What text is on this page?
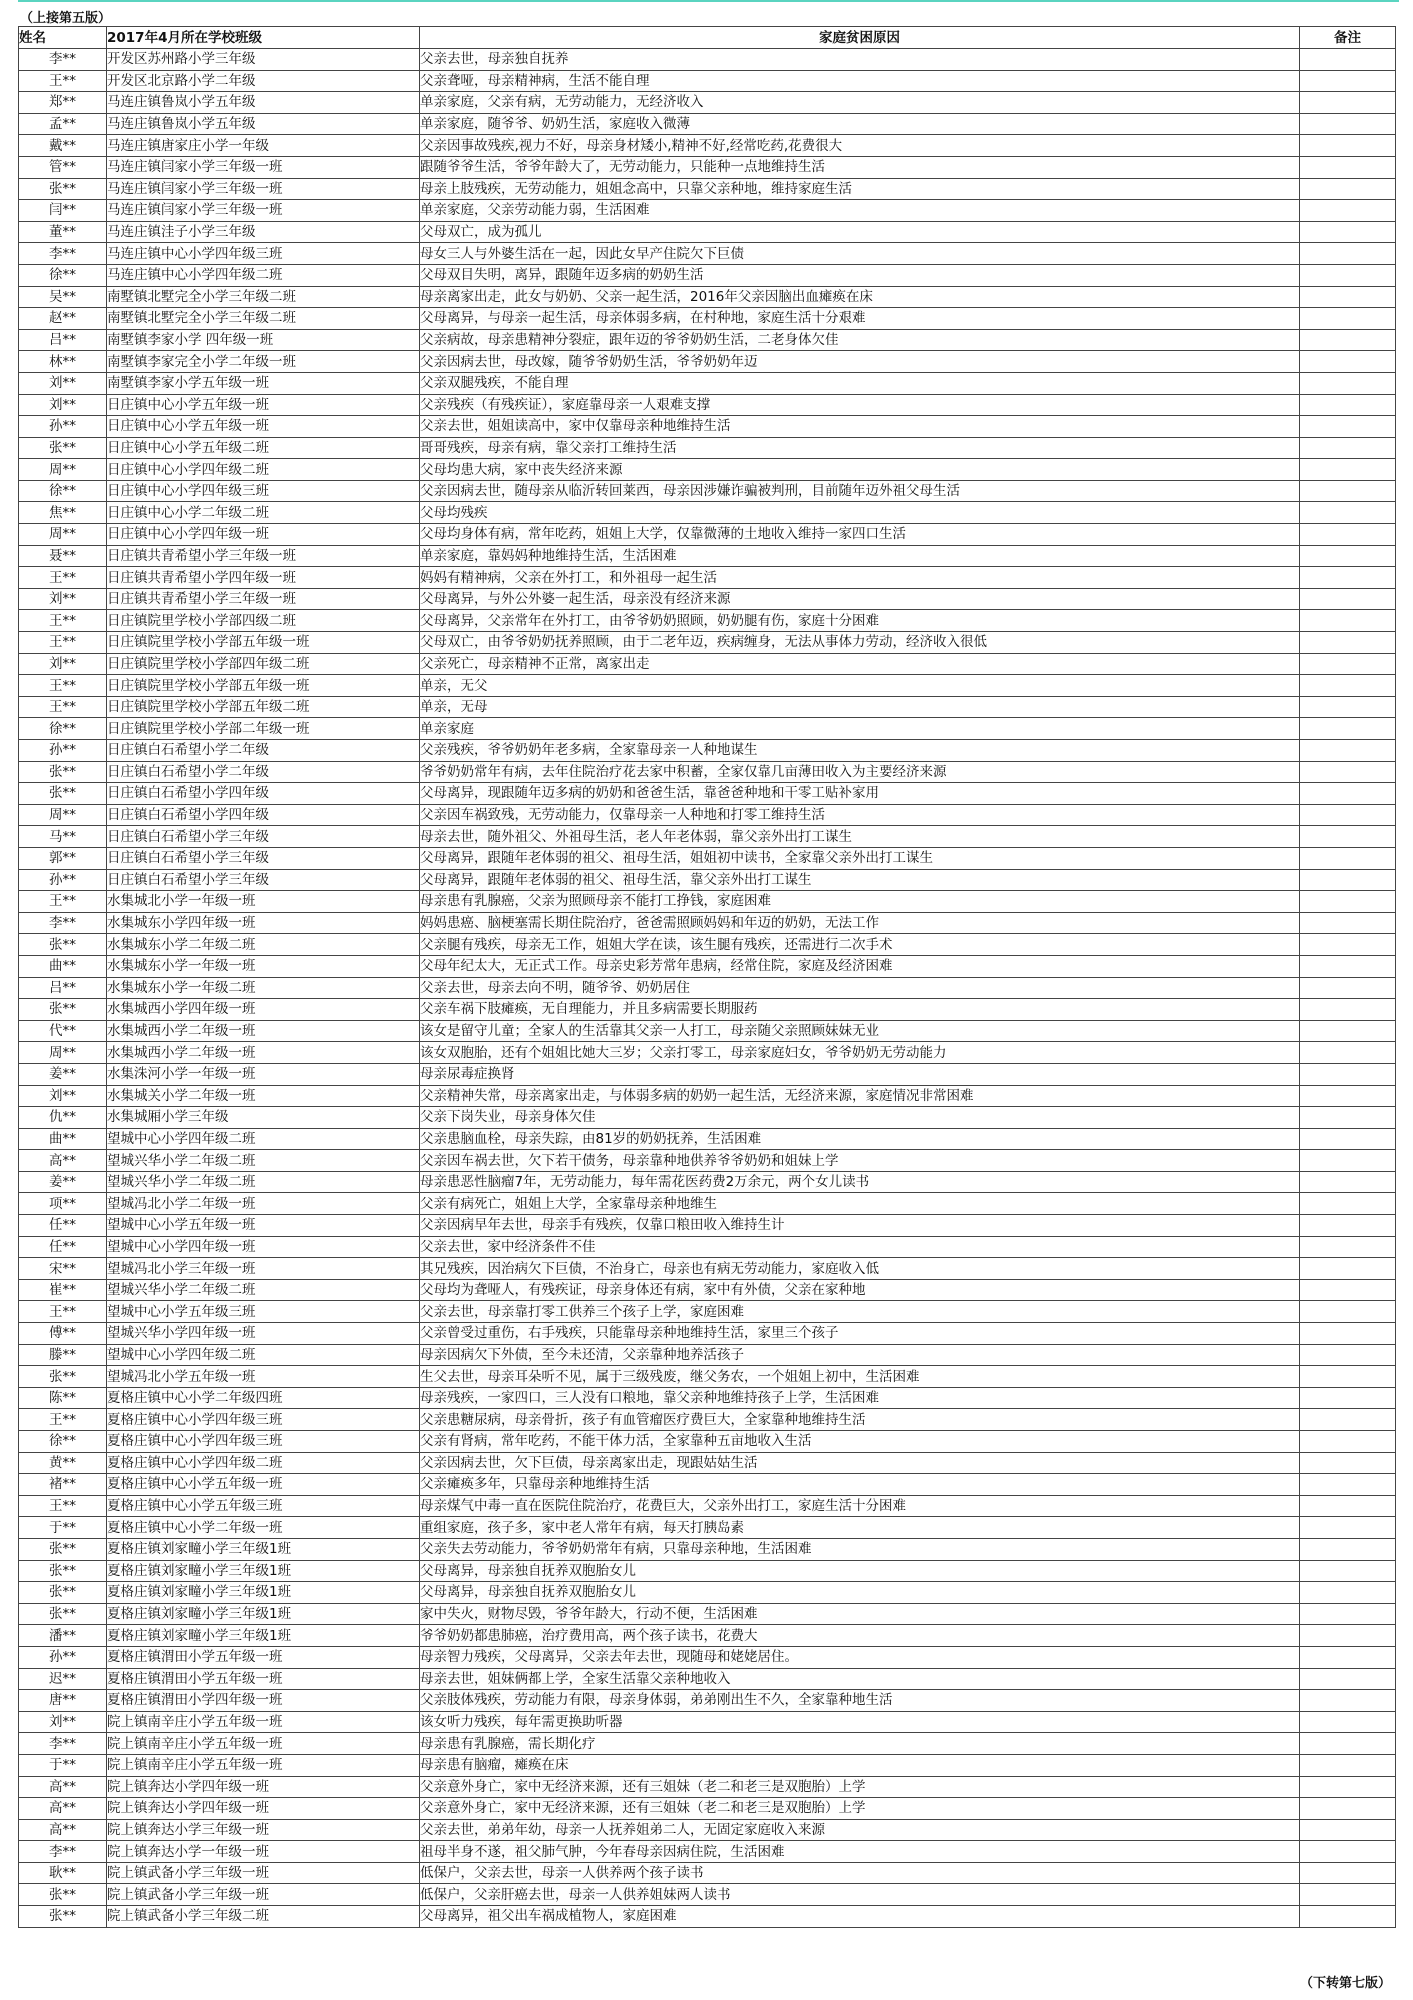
（上接第五版）
姓名	2017年4月所在学校班级	家庭贫困原因	备注
李**	开发区苏州路小学三年级	父亲去世，母亲独自抚养	
王**	开发区北京路小学二年级	父亲聋哑，母亲精神病，生活不能自理	
郑**	马连庄镇鲁岚小学五年级	单亲家庭，父亲有病，无劳动能力，无经济收入	
孟**	马连庄镇鲁岚小学五年级	单亲家庭，随爷爷、奶奶生活，家庭收入微薄	
戴**	马连庄镇唐家庄小学一年级	父亲因事故残疾,视力不好，母亲身材矮小,精神不好,经常吃药,花费很大	
管**	马连庄镇闫家小学三年级一班	跟随爷爷生活，爷爷年龄大了，无劳动能力，只能种一点地维持生活	
张**	马连庄镇闫家小学三年级一班	母亲上肢残疾，无劳动能力，姐姐念高中，只靠父亲种地，维持家庭生活	
闫**	马连庄镇闫家小学三年级一班	单亲家庭，父亲劳动能力弱，生活困难	
董**	马连庄镇洼子小学三年级	父母双亡，成为孤儿	
李**	马连庄镇中心小学四年级三班	母女三人与外婆生活在一起，因此女早产住院欠下巨债	
徐**	马连庄镇中心小学四年级二班	父母双目失明，离异，跟随年迈多病的奶奶生活	
吴**	南墅镇北墅完全小学三年级二班	母亲离家出走，此女与奶奶、父亲一起生活，2016年父亲因脑出血瘫痪在床	
赵**	南墅镇北墅完全小学三年级二班	父母离异，与母亲一起生活，母亲体弱多病，在村种地，家庭生活十分艰难	
吕**	南墅镇李家小学 四年级一班	父亲病故，母亲患精神分裂症，跟年迈的爷爷奶奶生活，二老身体欠佳	
林**	南墅镇李家完全小学二年级一班	父亲因病去世，母改嫁，随爷爷奶奶生活，爷爷奶奶年迈	
刘**	南墅镇李家小学五年级一班	父亲双腿残疾，不能自理	
刘**	日庄镇中心小学五年级一班	父亲残疾（有残疾证），家庭靠母亲一人艰难支撑	
孙**	日庄镇中心小学五年级一班	父亲去世，姐姐读高中，家中仅靠母亲种地维持生活	
张**	日庄镇中心小学五年级二班	哥哥残疾，母亲有病，靠父亲打工维持生活	
周**	日庄镇中心小学四年级二班	父母均患大病，家中丧失经济来源	
徐**	日庄镇中心小学四年级三班	父亲因病去世，随母亲从临沂转回莱西，母亲因涉嫌诈骗被判刑，目前随年迈外祖父母生活	
焦**	日庄镇中心小学二年级二班	父母均残疾	
周**	日庄镇中心小学四年级一班	父母均身体有病，常年吃药，姐姐上大学，仅靠微薄的土地收入维持一家四口生活	
聂**	日庄镇共青希望小学三年级一班	单亲家庭，靠妈妈种地维持生活，生活困难	
王**	日庄镇共青希望小学四年级一班	妈妈有精神病，父亲在外打工，和外祖母一起生活	
刘**	日庄镇共青希望小学三年级一班	父母离异，与外公外婆一起生活，母亲没有经济来源	
王**	日庄镇院里学校小学部四级二班	父母离异，父亲常年在外打工，由爷爷奶奶照顾，奶奶腿有伤，家庭十分困难	
王**	日庄镇院里学校小学部五年级一班	父母双亡，由爷爷奶奶抚养照顾，由于二老年迈，疾病缠身，无法从事体力劳动，经济收入很低	
刘**	日庄镇院里学校小学部四年级二班	父亲死亡，母亲精神不正常，离家出走	
王**	日庄镇院里学校小学部五年级一班	单亲，无父	
王**	日庄镇院里学校小学部五年级二班	单亲，无母	
徐**	日庄镇院里学校小学部二年级一班	单亲家庭	
孙**	日庄镇白石希望小学二年级	父亲残疾，爷爷奶奶年老多病，全家靠母亲一人种地谋生	
张**	日庄镇白石希望小学二年级	爷爷奶奶常年有病，去年住院治疗花去家中积蓄，全家仅靠几亩薄田收入为主要经济来源	
张**	日庄镇白石希望小学四年级	父母离异，现跟随年迈多病的奶奶和爸爸生活，靠爸爸种地和干零工贴补家用	
周**	日庄镇白石希望小学四年级	父亲因车祸致残，无劳动能力，仅靠母亲一人种地和打零工维持生活	
马**	日庄镇白石希望小学三年级	母亲去世，随外祖父、外祖母生活，老人年老体弱，靠父亲外出打工谋生	
郭**	日庄镇白石希望小学三年级	父母离异，跟随年老体弱的祖父、祖母生活，姐姐初中读书，全家靠父亲外出打工谋生	
孙**	日庄镇白石希望小学三年级	父母离异，跟随年老体弱的祖父、祖母生活，靠父亲外出打工谋生	
王**	水集城北小学一年级一班	母亲患有乳腺癌，父亲为照顾母亲不能打工挣钱，家庭困难	
李**	水集城东小学四年级一班	妈妈患癌、脑梗塞需长期住院治疗，爸爸需照顾妈妈和年迈的奶奶，无法工作	
张**	水集城东小学二年级二班	父亲腿有残疾，母亲无工作，姐姐大学在读，该生腿有残疾，还需进行二次手术	
曲**	水集城东小学一年级一班	父母年纪太大，无正式工作。母亲史彩芳常年患病，经常住院，家庭及经济困难	
吕**	水集城东小学一年级二班	父亲去世，母亲去向不明，随爷爷、奶奶居住	
张**	水集城西小学四年级一班	父亲车祸下肢瘫痪，无自理能力，并且多病需要长期服药	
代**	水集城西小学二年级一班	该女是留守儿童；全家人的生活靠其父亲一人打工，母亲随父亲照顾妹妹无业	
周**	水集城西小学二年级一班	该女双胞胎，还有个姐姐比她大三岁；父亲打零工，母亲家庭妇女，爷爷奶奶无劳动能力	
姜**	水集洙河小学一年级一班	母亲尿毒症换肾	
刘**	水集城关小学二年级一班	父亲精神失常，母亲离家出走，与体弱多病的奶奶一起生活，无经济来源，家庭情况非常困难	
仇**	水集城厢小学三年级	父亲下岗失业，母亲身体欠佳	
曲**	望城中心小学四年级二班	父亲患脑血栓，母亲失踪，由81岁的奶奶抚养，生活困难	
高**	望城兴华小学二年级二班	父亲因车祸去世，欠下若干债务，母亲靠种地供养爷爷奶奶和姐妹上学	
姜**	望城兴华小学二年级二班	母亲患恶性脑瘤7年，无劳动能力，每年需花医药费2万余元，两个女儿读书	
项**	望城冯北小学二年级一班	父亲有病死亡，姐姐上大学，全家靠母亲种地维生	
任**	望城中心小学五年级一班	父亲因病早年去世，母亲手有残疾，仅靠口粮田收入维持生计	
任**	望城中心小学四年级一班	父亲去世，家中经济条件不佳	
宋**	望城冯北小学三年级一班	其兄残疾，因治病欠下巨债，不治身亡，母亲也有病无劳动能力，家庭收入低	
崔**	望城兴华小学二年级二班	父母均为聋哑人，有残疾证，母亲身体还有病，家中有外债，父亲在家种地	
王**	望城中心小学五年级三班	父亲去世，母亲靠打零工供养三个孩子上学，家庭困难	
傅**	望城兴华小学四年级一班	父亲曾受过重伤，右手残疾，只能靠母亲种地维持生活，家里三个孩子	
滕**	望城中心小学四年级二班	母亲因病欠下外债，至今未还清，父亲靠种地养活孩子	
张**	望城冯北小学五年级一班	生父去世，母亲耳朵听不见，属于三级残废，继父务农，一个姐姐上初中，生活困难	
陈**	夏格庄镇中心小学二年级四班	母亲残疾，一家四口，三人没有口粮地，靠父亲种地维持孩子上学，生活困难	
王**	夏格庄镇中心小学四年级三班	父亲患糖尿病，母亲骨折，孩子有血管瘤医疗费巨大，全家靠种地维持生活	
徐**	夏格庄镇中心小学四年级三班	父亲有肾病，常年吃药，不能干体力活，全家靠种五亩地收入生活	
黄**	夏格庄镇中心小学四年级二班	父亲因病去世，欠下巨债，母亲离家出走，现跟姑姑生活	
褚**	夏格庄镇中心小学五年级一班	父亲瘫痪多年，只靠母亲种地维持生活	
王**	夏格庄镇中心小学五年级三班	母亲煤气中毒一直在医院住院治疗，花费巨大，父亲外出打工，家庭生活十分困难	
于**	夏格庄镇中心小学二年级一班	重组家庭，孩子多，家中老人常年有病，每天打胰岛素	
张**	夏格庄镇刘家疃小学三年级1班	父亲失去劳动能力，爷爷奶奶常年有病，只靠母亲种地，生活困难	
张**	夏格庄镇刘家疃小学三年级1班	父母离异，母亲独自抚养双胞胎女儿	
张**	夏格庄镇刘家疃小学三年级1班	父母离异，母亲独自抚养双胞胎女儿	
张**	夏格庄镇刘家疃小学三年级1班	家中失火，财物尽毁，爷爷年龄大，行动不便，生活困难	
潘**	夏格庄镇刘家疃小学三年级1班	爷爷奶奶都患肺癌，治疗费用高，两个孩子读书，花费大	
孙**	夏格庄镇渭田小学五年级一班	母亲智力残疾，父母离异，父亲去年去世，现随母和姥姥居住。	
迟**	夏格庄镇渭田小学五年级一班	母亲去世，姐妹俩都上学，全家生活靠父亲种地收入	
唐**	夏格庄镇渭田小学四年级一班	父亲肢体残疾，劳动能力有限，母亲身体弱，弟弟刚出生不久，全家靠种地生活	
刘**	院上镇南辛庄小学五年级一班	该女听力残疾，每年需更换助听器	
李**	院上镇南辛庄小学五年级一班	母亲患有乳腺癌，需长期化疗	
于**	院上镇南辛庄小学五年级一班	母亲患有脑瘤，瘫痪在床	
高**	院上镇奔达小学四年级一班	父亲意外身亡，家中无经济来源，还有三姐妹（老二和老三是双胞胎）上学	
高**	院上镇奔达小学四年级一班	父亲意外身亡，家中无经济来源，还有三姐妹（老二和老三是双胞胎）上学	
高**	院上镇奔达小学三年级一班	父亲去世，弟弟年幼，母亲一人抚养姐弟二人，无固定家庭收入来源	
李**	院上镇奔达小学一年级一班	祖母半身不遂，祖父肺气肿，今年春母亲因病住院，生活困难	
耿**	院上镇武备小学三年级一班	低保户，父亲去世，母亲一人供养两个孩子读书	
张**	院上镇武备小学三年级一班	低保户，父亲肝癌去世，母亲一人供养姐妹两人读书	
张**	院上镇武备小学三年级二班	父母离异，祖父出车祸成植物人，家庭困难	
（下转第七版）
